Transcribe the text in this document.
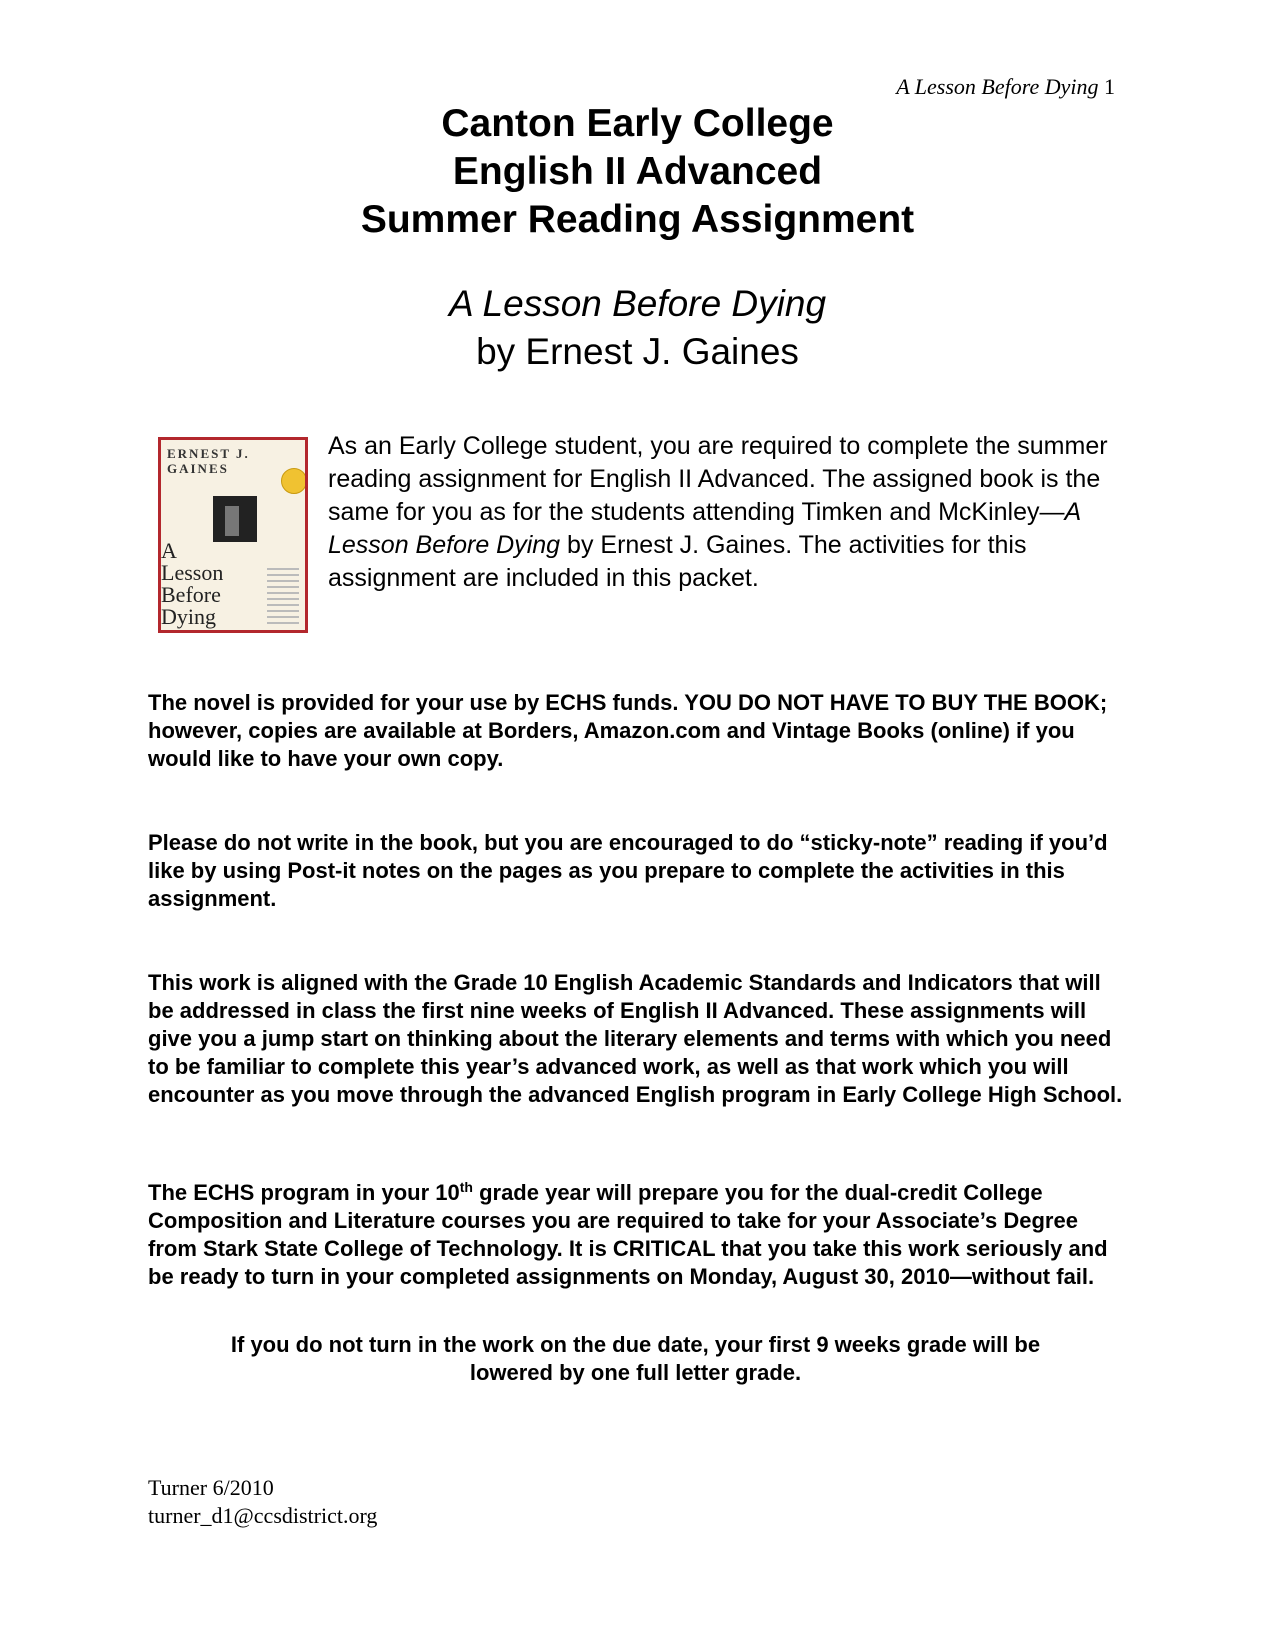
A Lesson Before Dying 1
Canton Early College
English II Advanced
Summer Reading Assignment
A Lesson Before Dying
by Ernest J. Gaines
ERNEST J.
GAINES
A
Lesson
Before
Dying
As an Early College student, you are required to complete the summer reading assignment for English II Advanced. The assigned book is the same for you as for the students attending Timken and McKinley—A Lesson Before Dying by Ernest J. Gaines. The activities for this assignment are included in this packet.
The novel is provided for your use by ECHS funds. YOU DO NOT HAVE TO BUY THE BOOK; however, copies are available at Borders, Amazon.com and Vintage Books (online) if you would like to have your own copy.
Please do not write in the book, but you are encouraged to do “sticky-note” reading if you’d like by using Post-it notes on the pages as you prepare to complete the activities in this assignment.
This work is aligned with the Grade 10 English Academic Standards and Indicators that will be addressed in class the first nine weeks of English II Advanced. These assignments will give you a jump start on thinking about the literary elements and terms with which you need to be familiar to complete this year’s advanced work, as well as that work which you will encounter as you move through the advanced English program in Early College High School.
The ECHS program in your 10th grade year will prepare you for the dual-credit College Composition and Literature courses you are required to take for your Associate’s Degree from Stark State College of Technology. It is CRITICAL that you take this work seriously and be ready to turn in your completed assignments on Monday, August 30, 2010—without fail.
If you do not turn in the work on the due date, your first 9 weeks grade will be
lowered by one full letter grade.
Turner 6/2010
turner_d1@ccsdistrict.org
